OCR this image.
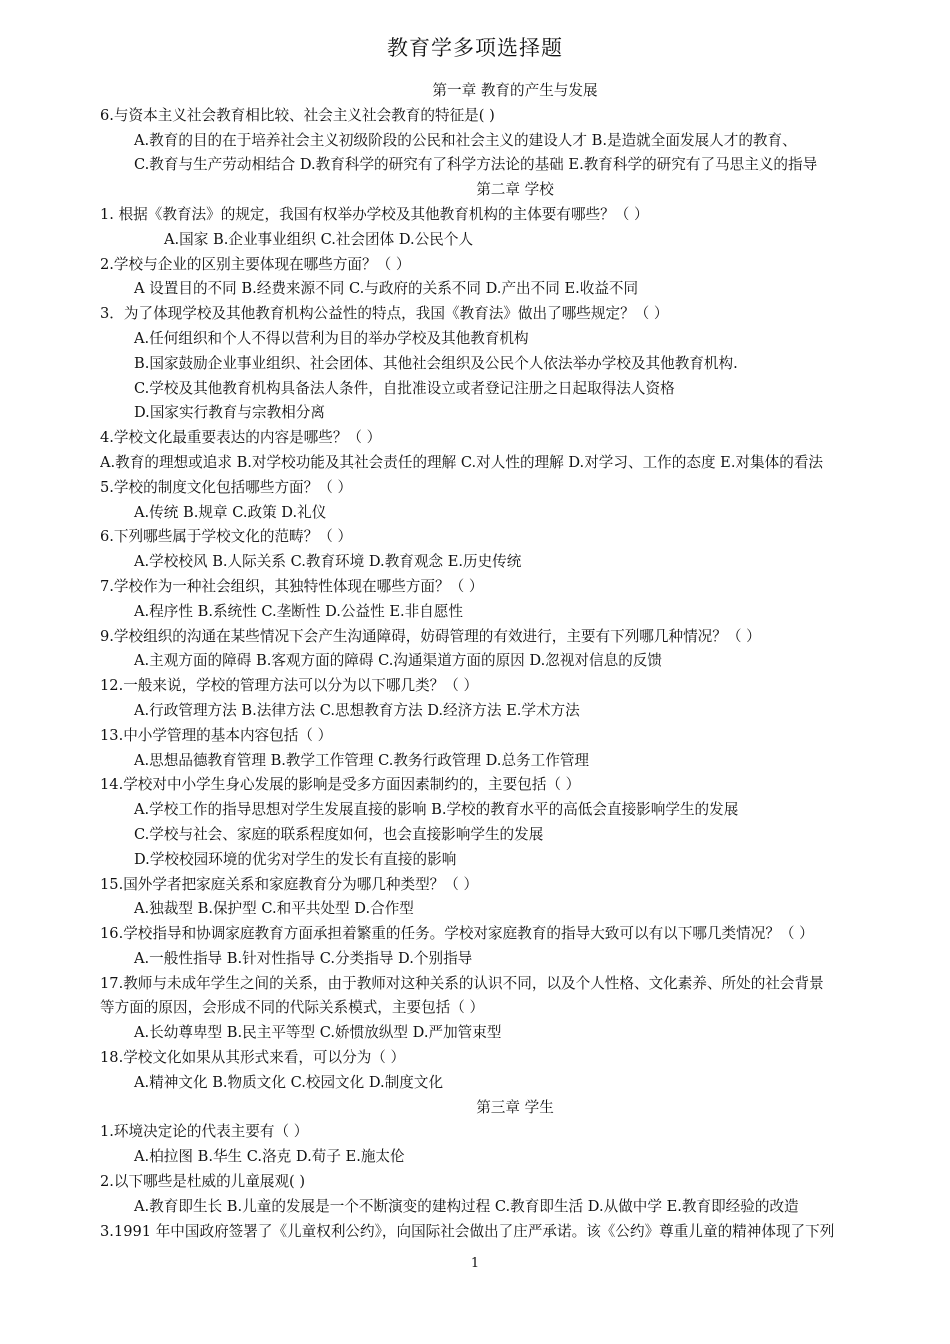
教育学多项选择题
第一章 教育的产生与发展
6.与资本主义社会教育相比较、社会主义社会教育的特征是( )
A.教育的目的在于培养社会主义初级阶段的公民和社会主义的建设人才 B.是造就全面发展人才的教育、
C.教育与生产劳动相结合 D.教育科学的研究有了科学方法论的基础 E.教育科学的研究有了马思主义的指导
第二章 学校
1. 根据《教育法》的规定，我国有权举办学校及其他教育机构的主体要有哪些？（ ）
A.国家 B.企业事业组织 C.社会团体 D.公民个人
2.学校与企业的区别主要体现在哪些方面？（ ）
A 设置目的不同 B.经费来源不同 C.与政府的关系不同 D.产出不同 E.收益不同
3．为了体现学校及其他教育机构公益性的特点，我国《教育法》做出了哪些规定？（ ）
A.任何组织和个人不得以营利为目的举办学校及其他教育机构
B.国家鼓励企业事业组织、社会团体、其他社会组织及公民个人依法举办学校及其他教育机构.
C.学校及其他教育机构具备法人条件，自批准设立或者登记注册之日起取得法人资格
D.国家实行教育与宗教相分离
4.学校文化最重要表达的内容是哪些？（ ）
A.教育的理想或追求 B.对学校功能及其社会责任的理解 C.对人性的理解 D.对学习、工作的态度 E.对集体的看法
5.学校的制度文化包括哪些方面？（ ）
A.传统 B.规章 C.政策 D.礼仪
6.下列哪些属于学校文化的范畴？（ ）
A.学校校风 B.人际关系 C.教育环境 D.教育观念 E.历史传统
7.学校作为一种社会组织，其独特性体现在哪些方面？（ ）
A.程序性 B.系统性 C.垄断性 D.公益性 E.非自愿性
9.学校组织的沟通在某些情况下会产生沟通障碍，妨碍管理的有效进行，主要有下列哪几种情况？（ ）
A.主观方面的障碍 B.客观方面的障碍 C.沟通渠道方面的原因 D.忽视对信息的反馈
12.一般来说，学校的管理方法可以分为以下哪几类？（ ）
A.行政管理方法 B.法律方法 C.思想教育方法 D.经济方法 E.学术方法
13.中小学管理的基本内容包括（ ）
A.思想品德教育管理 B.教学工作管理 C.教务行政管理 D.总务工作管理
14.学校对中小学生身心发展的影响是受多方面因素制约的，主要包括（ ）
A.学校工作的指导思想对学生发展直接的影响 B.学校的教育水平的高低会直接影响学生的发展
C.学校与社会、家庭的联系程度如何，也会直接影响学生的发展
D.学校校园环境的优劣对学生的发长有直接的影响
15.国外学者把家庭关系和家庭教育分为哪几种类型？（ ）
A.独裁型 B.保护型 C.和平共处型 D.合作型
16.学校指导和协调家庭教育方面承担着繁重的任务。学校对家庭教育的指导大致可以有以下哪几类情况？（ ）
A.一般性指导 B.针对性指导 C.分类指导 D.个别指导
17.教师与未成年学生之间的关系，由于教师对这种关系的认识不同，以及个人性格、文化素养、所处的社会背景
等方面的原因，会形成不同的代际关系模式，主要包括（ ）
A.长幼尊卑型 B.民主平等型 C.娇惯放纵型 D.严加管束型
18.学校文化如果从其形式来看，可以分为（ ）
A.精神文化 B.物质文化 C.校园文化 D.制度文化
第三章 学生
1.环境决定论的代表主要有（ ）
A.柏拉图 B.华生 C.洛克 D.荀子 E.施太伦
2.以下哪些是杜威的儿童展观( )
A.教育即生长 B.儿童的发展是一个不断演变的建构过程 C.教育即生活 D.从做中学 E.教育即经验的改造
3.1991 年中国政府签署了《儿童权利公约》，向国际社会做出了庄严承诺。该《公约》尊重儿童的精神体现了下列
1
